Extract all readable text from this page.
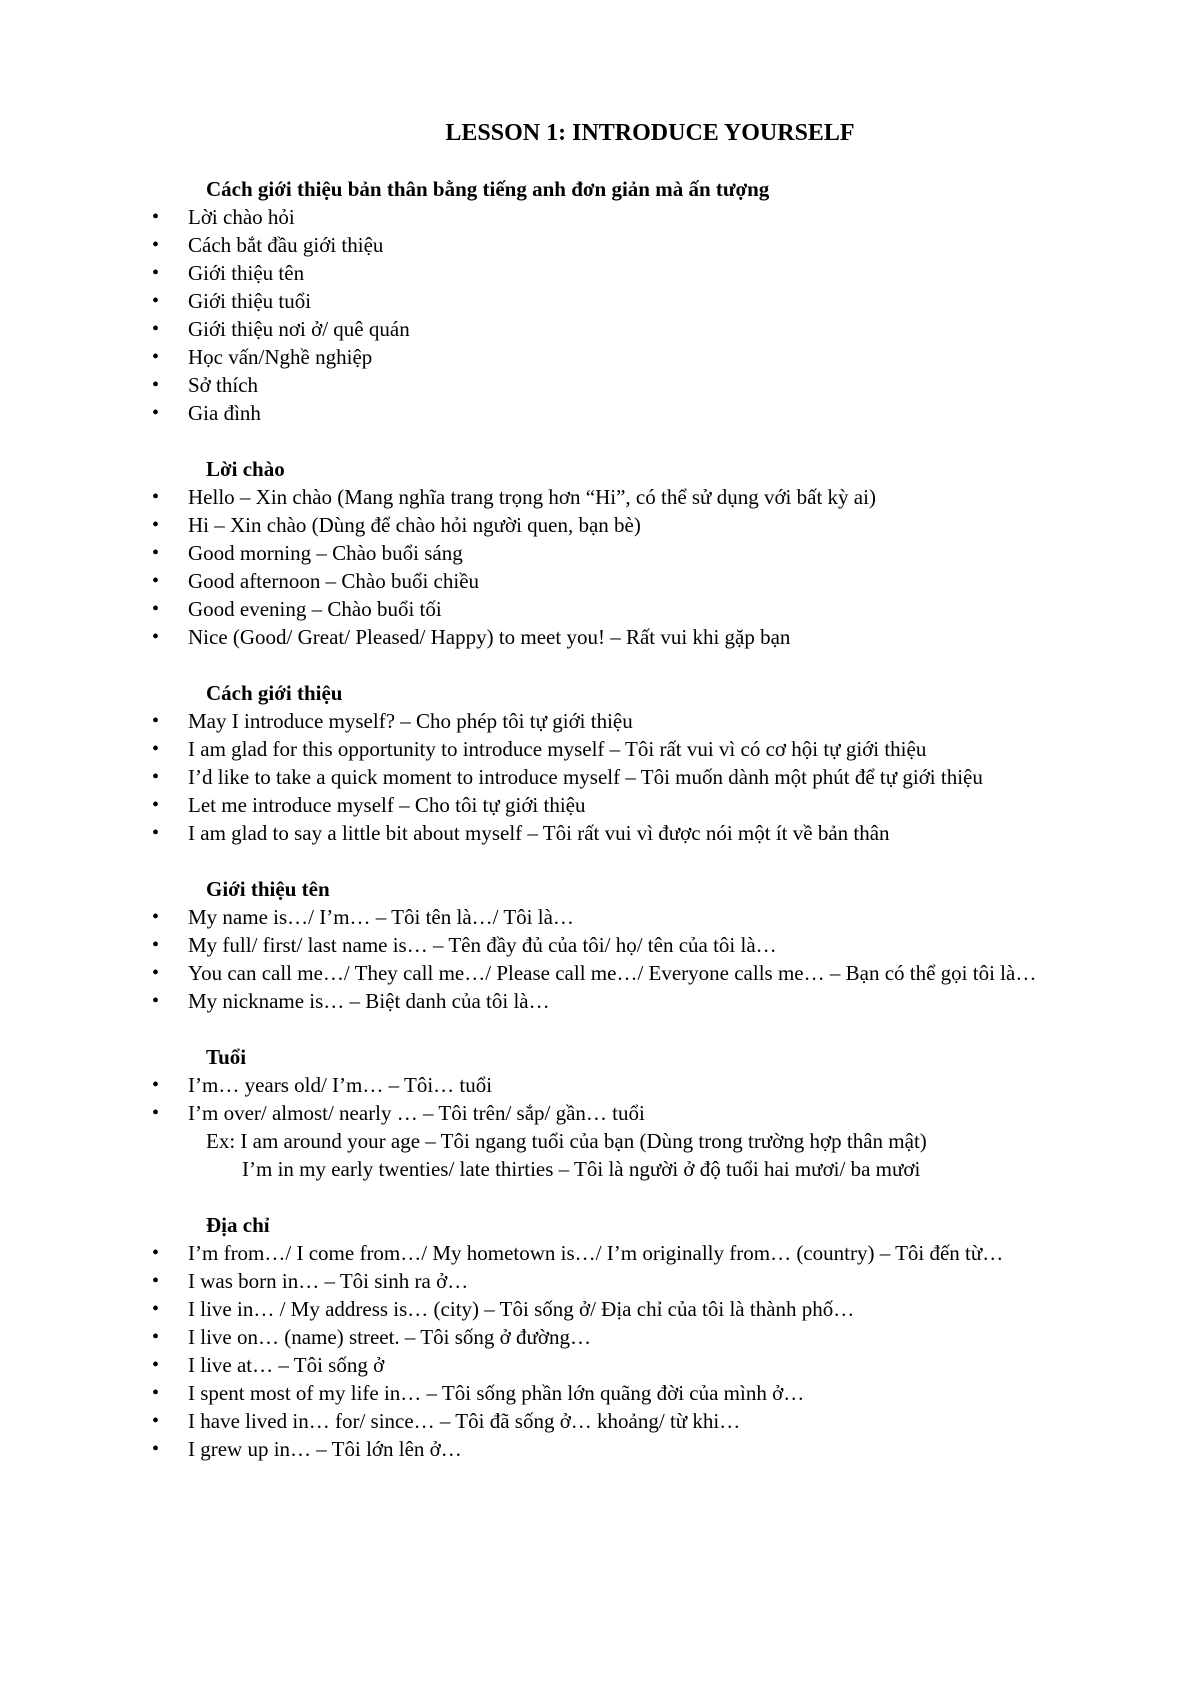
LESSON 1: INTRODUCE YOURSELF

Cách giới thiệu bản thân bằng tiếng anh đơn giản mà ấn tượng

• Lời chào hỏi
• Cách bắt đầu giới thiệu
• Giới thiệu tên
• Giới thiệu tuổi
• Giới thiệu nơi ở/ quê quán
• Học vấn/Nghề nghiệp
• Sở thích
• Gia đình

Lời chào

• Hello – Xin chào (Mang nghĩa trang trọng hơn “Hi”, có thể sử dụng với bất kỳ ai)
• Hi – Xin chào (Dùng để chào hỏi người quen, bạn bè)
• Good morning – Chào buổi sáng
• Good afternoon – Chào buổi chiều
• Good evening – Chào buổi tối
• Nice (Good/ Great/ Pleased/ Happy) to meet you! – Rất vui khi gặp bạn

Cách giới thiệu

• May I introduce myself? – Cho phép tôi tự giới thiệu
• I am glad for this opportunity to introduce myself – Tôi rất vui vì có cơ hội tự giới thiệu
• I’d like to take a quick moment to introduce myself – Tôi muốn dành một phút để tự giới thiệu
• Let me introduce myself – Cho tôi tự giới thiệu
• I am glad to say a little bit about myself – Tôi rất vui vì được nói một ít về bản thân

Giới thiệu tên

• My name is…/ I’m… – Tôi tên là…/ Tôi là…
• My full/ first/ last name is… – Tên đầy đủ của tôi/ họ/ tên của tôi là…
• You can call me…/ They call me…/ Please call me…/ Everyone calls me… – Bạn có thể gọi tôi là…
• My nickname is… – Biệt danh của tôi là…

Tuổi

• I’m… years old/ I’m… – Tôi… tuổi
• I’m over/ almost/ nearly … – Tôi trên/ sắp/ gần… tuổi
Ex: I am around your age – Tôi ngang tuổi của bạn (Dùng trong trường hợp thân mật)
I’m in my early twenties/ late thirties – Tôi là người ở độ tuổi hai mươi/ ba mươi

Địa chỉ

• I’m from…/ I come from…/ My hometown is…/ I’m originally from… (country) – Tôi đến từ…
• I was born in… – Tôi sinh ra ở…
• I live in… / My address is… (city) – Tôi sống ở/ Địa chỉ của tôi là thành phố…
• I live on… (name) street. – Tôi sống ở đường…
• I live at… – Tôi sống ở
• I spent most of my life in… – Tôi sống phần lớn quãng đời của mình ở…
• I have lived in… for/ since… – Tôi đã sống ở… khoảng/ từ khi…
• I grew up in… – Tôi lớn lên ở…
